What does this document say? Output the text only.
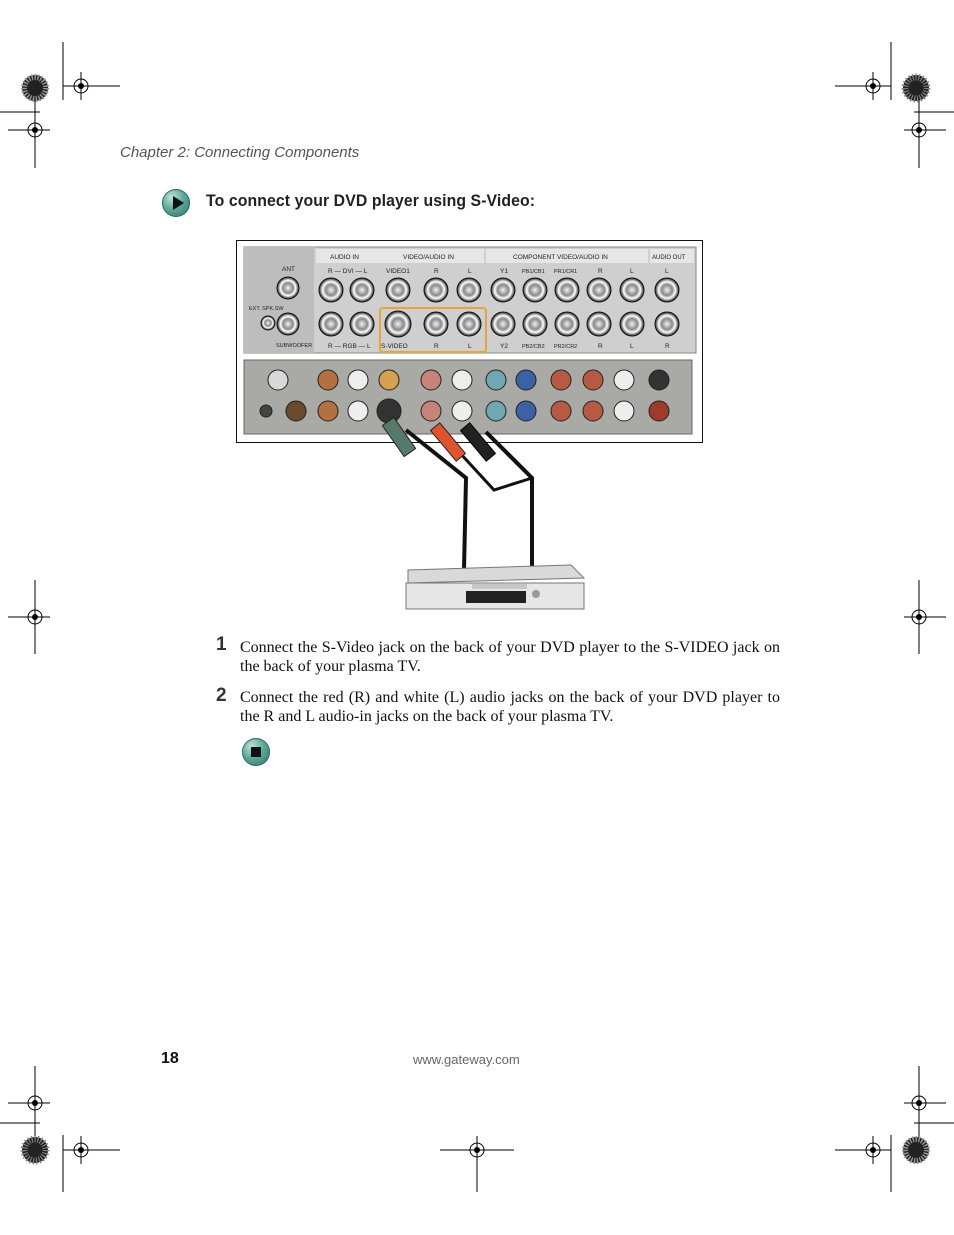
Chapter 2: Connecting Components
To connect your DVD player using S-Video:
AUDIO IN	VIDEO/AUDIO IN	COMPONENT VIDEO/AUDIO IN	AUDIO OUT
ANT
EXT. SPK.SW
SUBWOOFER
R — DVI — L
R — RGB — L
VIDEO1
S-VIDEO
R	L
R	L
Y1
Y2
PB1/CB1 PR1/CR1
PB2/CB2 PR2/CR2
R	L
R	L
L
R
1 Connect the S-Video jack on the back of your DVD player to the S-VIDEO jack on the back of your plasma TV.
2 Connect the red (R) and white (L) audio jacks on the back of your DVD player to the R and L audio-in jacks on the back of your plasma TV.
18	www.gateway.com
